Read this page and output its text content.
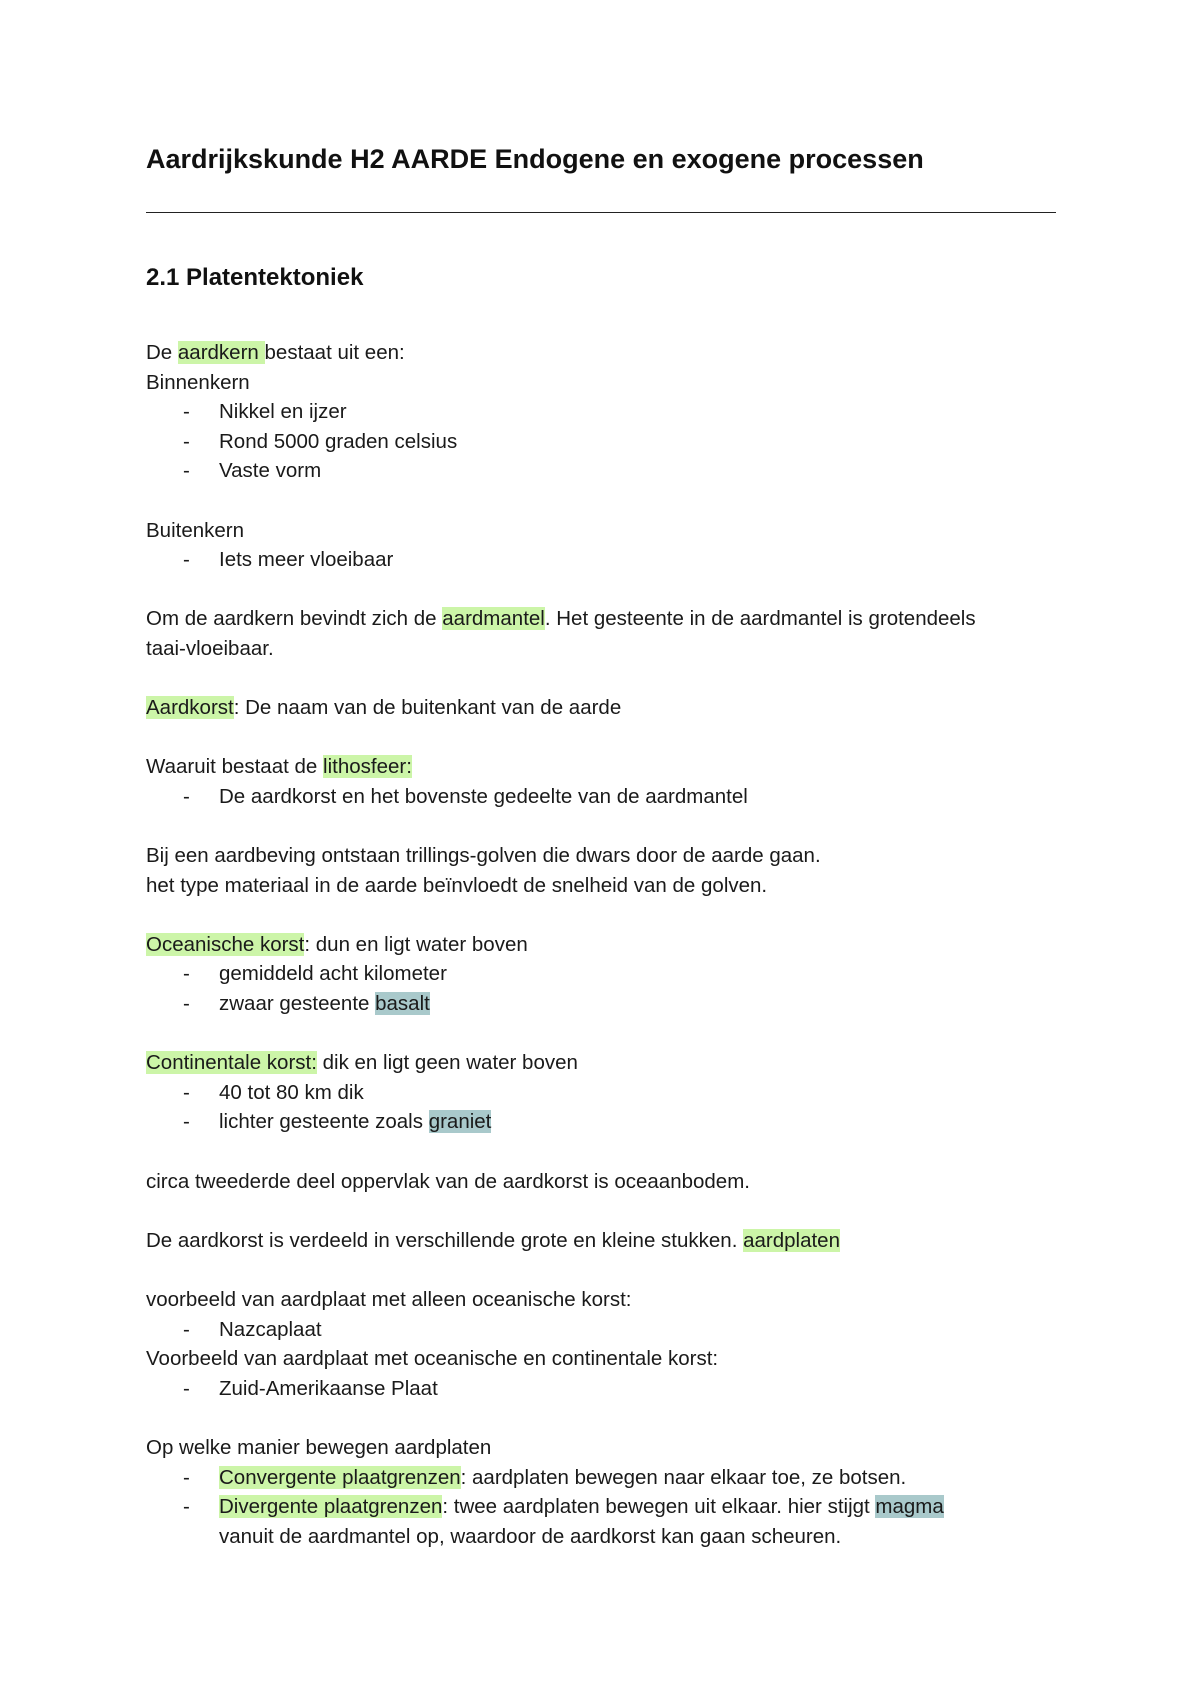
Aardrijkskunde H2 AARDE Endogene en exogene processen
2.1 Platentektoniek
De aardkern bestaat uit een:
Binnenkern
- Nikkel en ijzer
- Rond 5000 graden celsius
- Vaste vorm
Buitenkern
- Iets meer vloeibaar
Om de aardkern bevindt zich de aardmantel. Het gesteente in de aardmantel is grotendeels
taai-vloeibaar.
Aardkorst: De naam van de buitenkant van de aarde
Waaruit bestaat de lithosfeer:
- De aardkorst en het bovenste gedeelte van de aardmantel
Bij een aardbeving ontstaan trillings-golven die dwars door de aarde gaan.
het type materiaal in de aarde beïnvloedt de snelheid van de golven.
Oceanische korst: dun en ligt water boven
- gemiddeld acht kilometer
- zwaar gesteente basalt
Continentale korst: dik en ligt geen water boven
- 40 tot 80 km dik
- lichter gesteente zoals graniet
circa tweederde deel oppervlak van de aardkorst is oceaanbodem.
De aardkorst is verdeeld in verschillende grote en kleine stukken. aardplaten
voorbeeld van aardplaat met alleen oceanische korst:
- Nazcaplaat
Voorbeeld van aardplaat met oceanische en continentale korst:
- Zuid-Amerikaanse Plaat
Op welke manier bewegen aardplaten
- Convergente plaatgrenzen: aardplaten bewegen naar elkaar toe, ze botsen.
- Divergente plaatgrenzen: twee aardplaten bewegen uit elkaar. hier stijgt magma
vanuit de aardmantel op, waardoor de aardkorst kan gaan scheuren.
